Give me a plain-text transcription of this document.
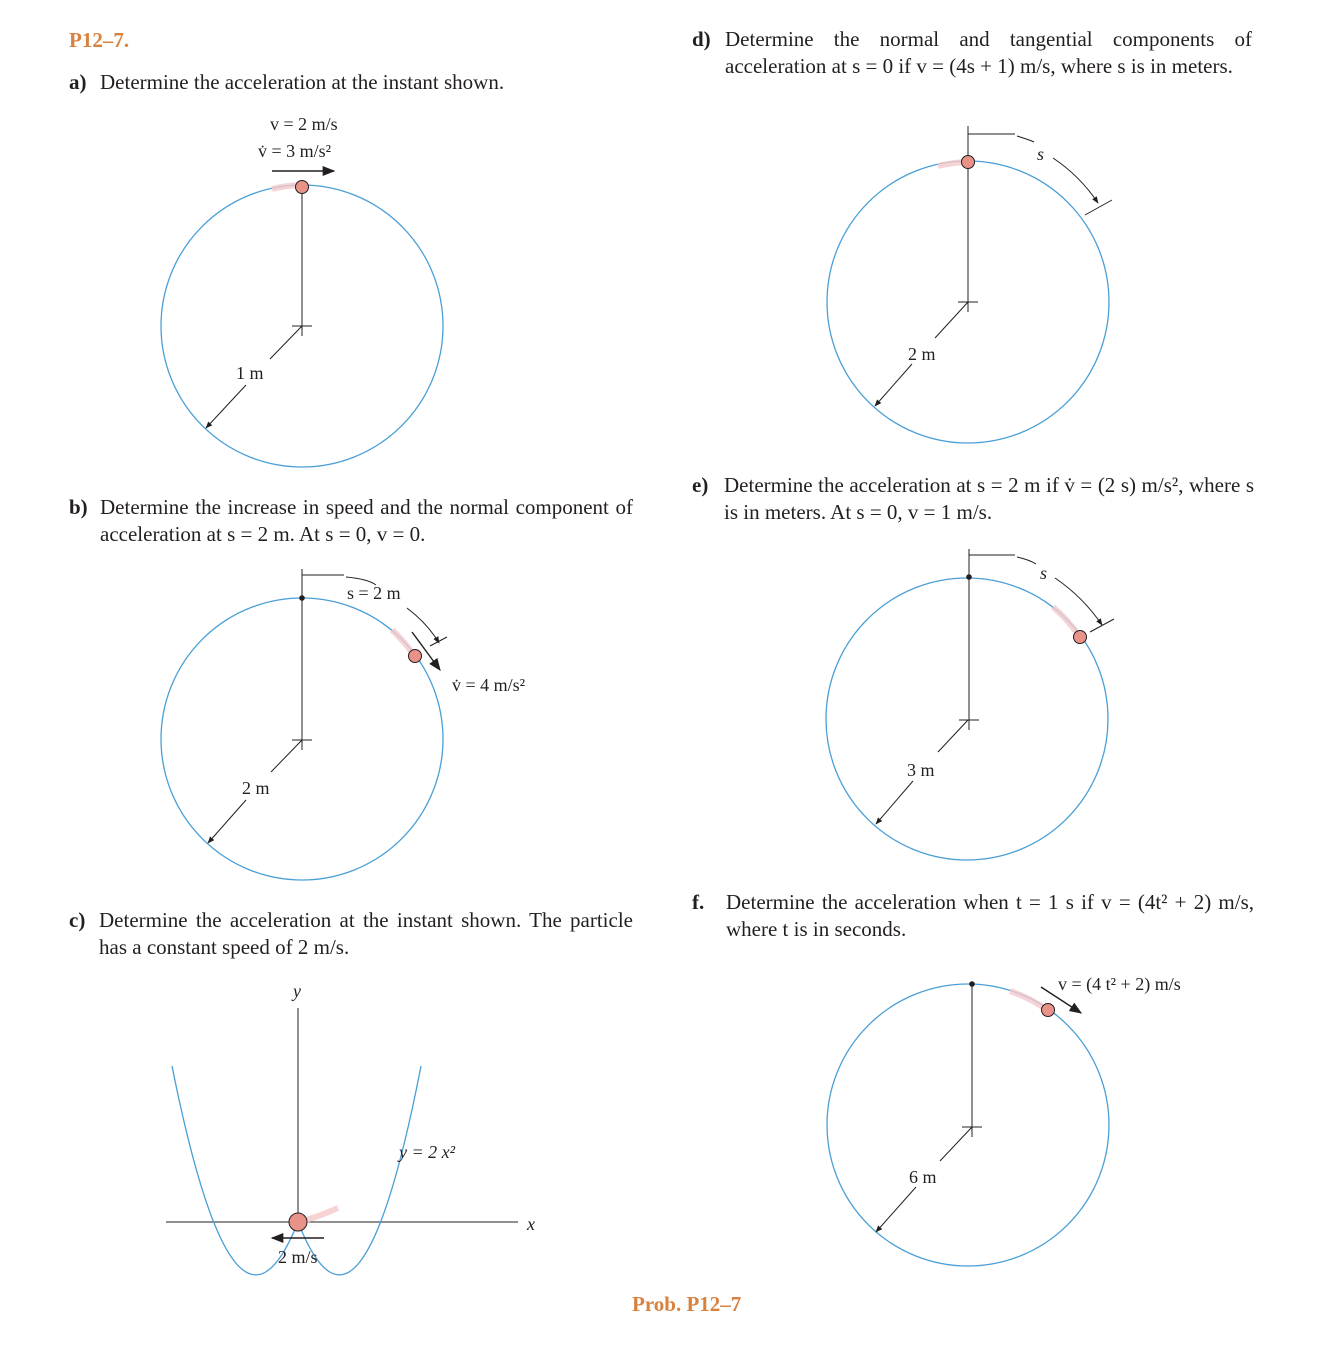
P12–7.
a) Determine the acceleration at the instant shown.
b) Determine the increase in speed and the normal component of acceleration at s = 2 m. At s = 0, v = 0.
c) Determine the acceleration at the instant shown. The particle has a constant speed of 2 m/s.
d) Determine the normal and tangential components of acceleration at s = 0 if v = (4s + 1) m/s, where s is in meters.
e) Determine the acceleration at s = 2 m if v̇ = (2 s) m/s², where s is in meters. At s = 0, v = 1 m/s.
f. Determine the acceleration when t = 1 s if v = (4t² + 2) m/s, where t is in seconds.
1 m
v = 2 m/s
v̇ = 3 m/s²
s = 2 m
v̇ = 4 m/s²
2 m
x
y
y = 2 x²
2 m/s
s
2 m
s
3 m
v = (4 t² + 2) m/s
6 m
Prob. P12–7
